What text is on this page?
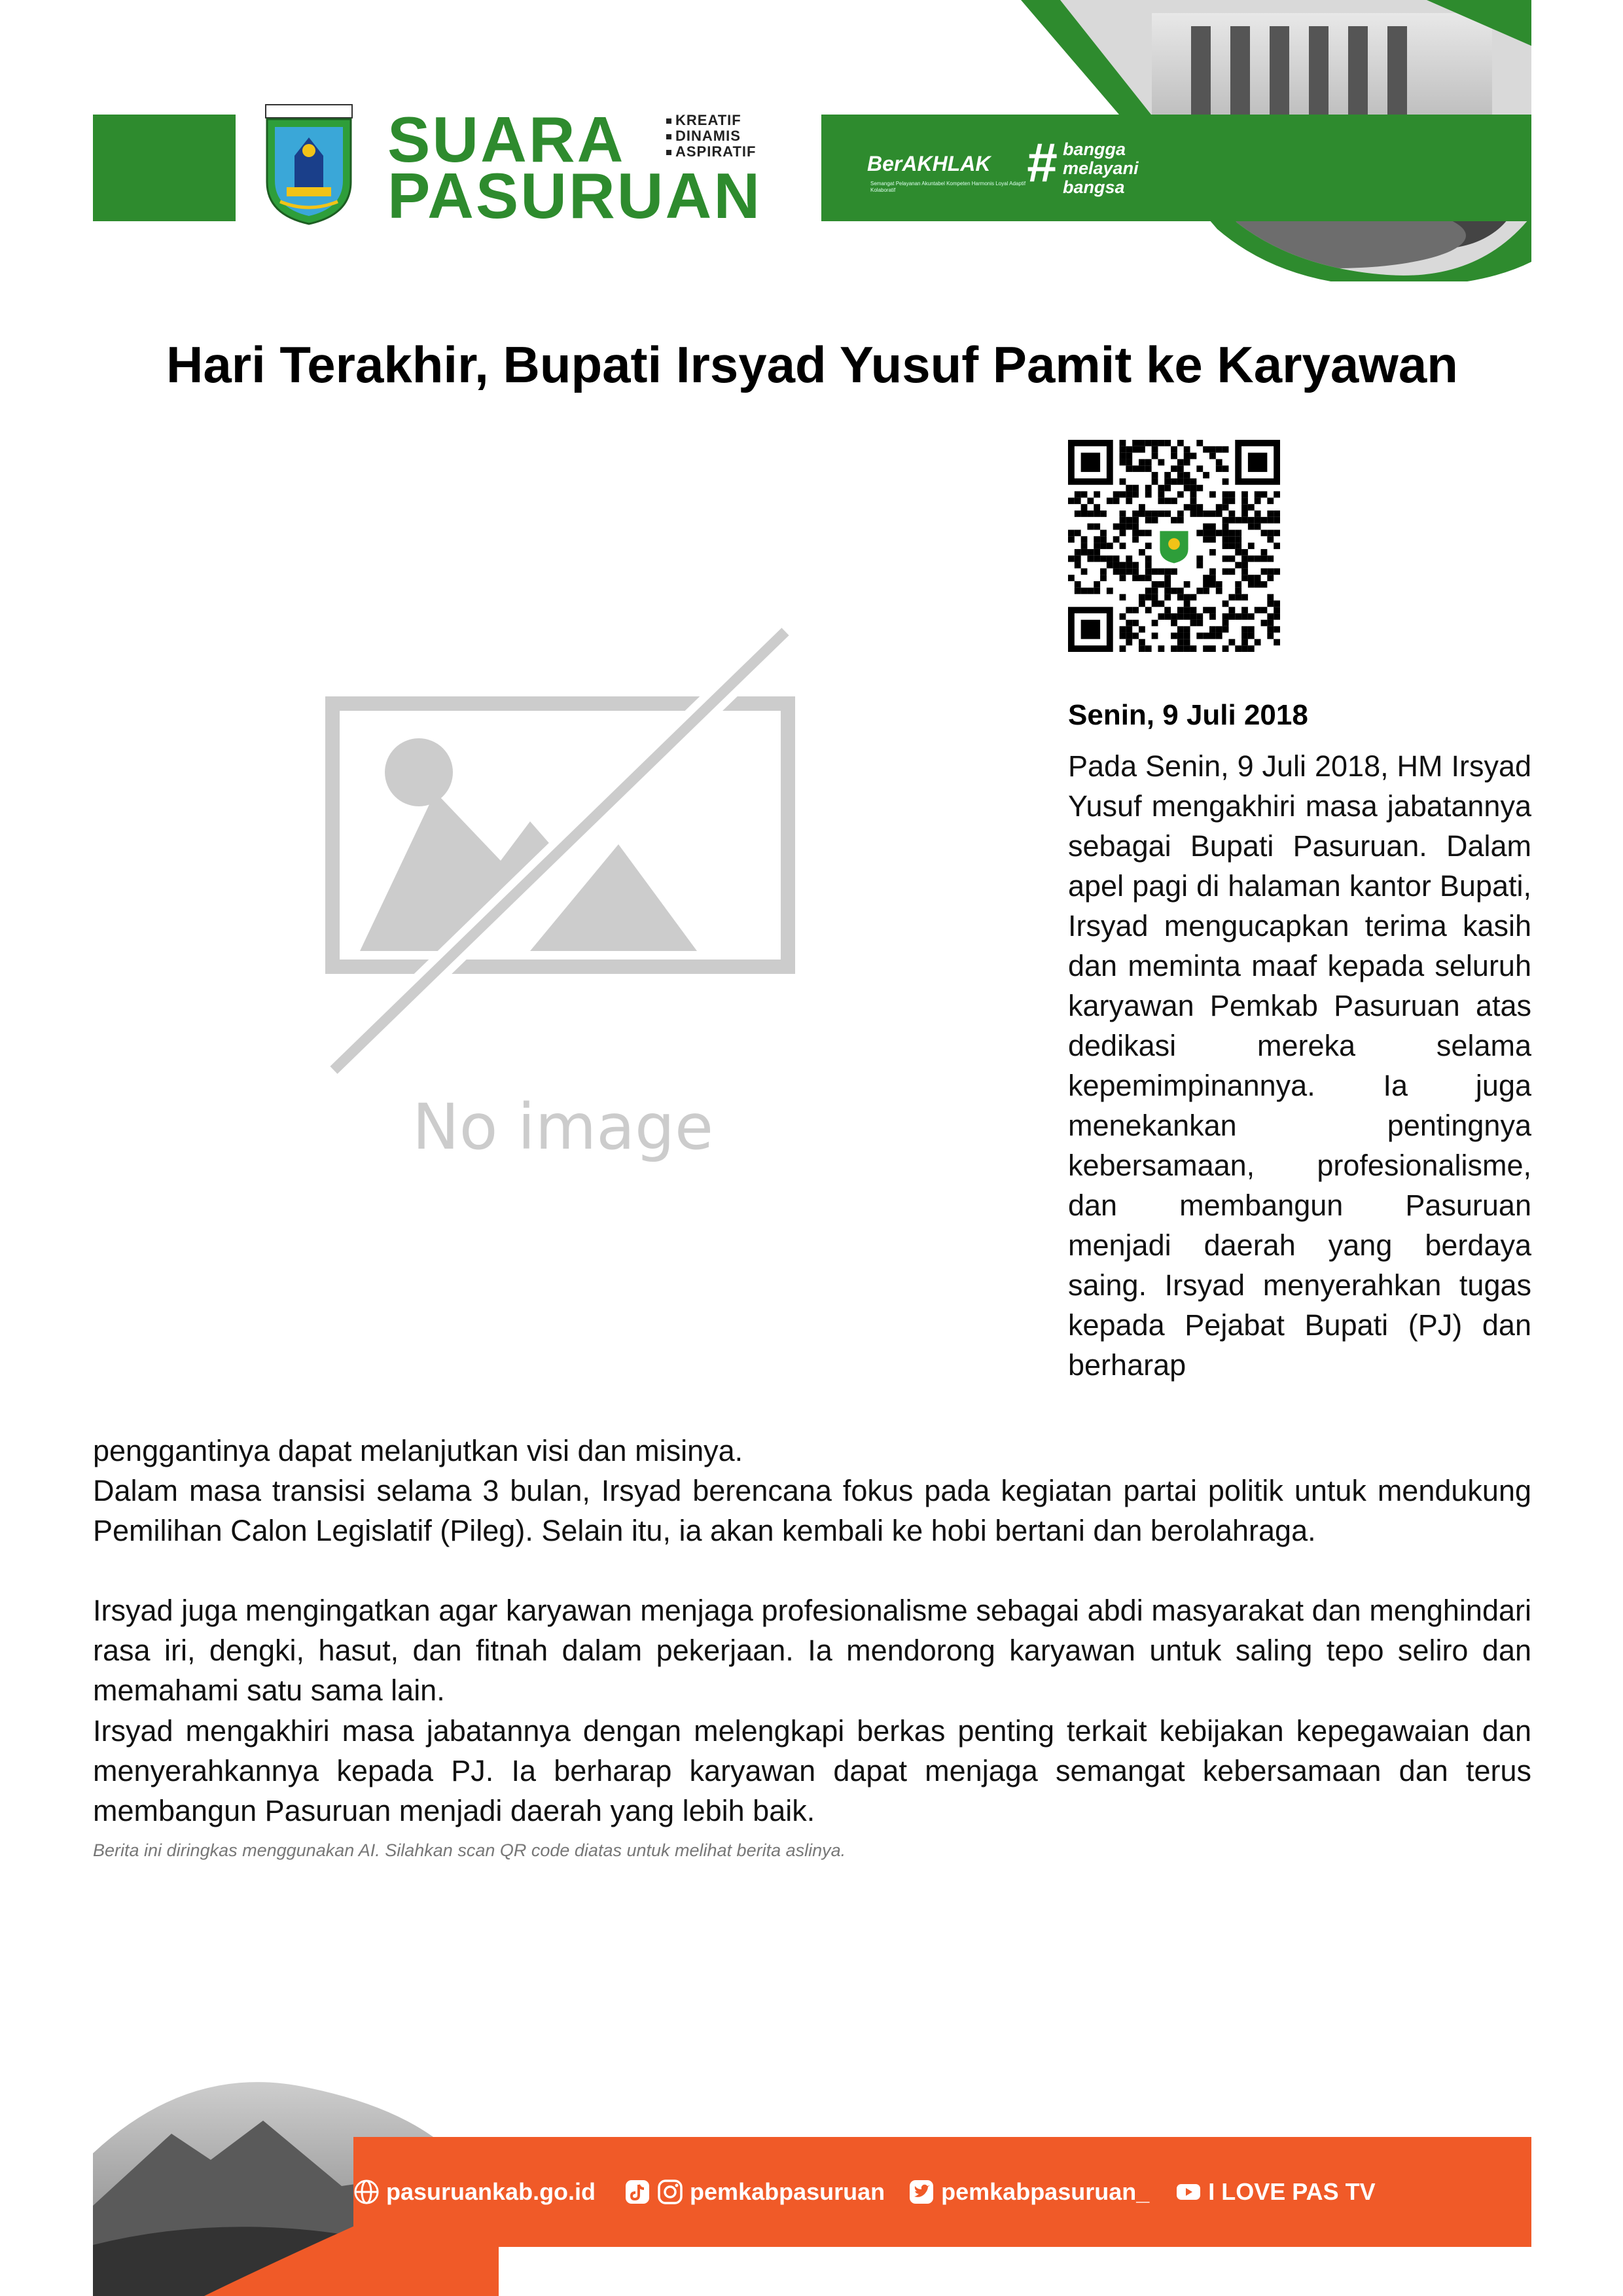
SUARA
PASURUAN
KREATIF
DINAMIS
ASPIRATIF
BerAKHLAK
Semangat Pelayanan Akuntabel Kompeten Harmonis Loyal Adaptif Kolaboratif	# bangga
melayani
bangsa
Hari Terakhir, Bupati Irsyad Yusuf Pamit ke Karyawan
No image
Senin, 9 Juli 2018

Pada Senin, 9 Juli 2018, HM Irsyad Yusuf mengakhiri masa jabatannya sebagai Bupati Pasuruan. Dalam apel pagi di halaman kantor Bupati, Irsyad mengucapkan terima kasih dan meminta maaf kepada seluruh karyawan Pemkab Pasuruan atas dedikasi mereka selama kepemimpinannya. Ia juga menekankan pentingnya kebersamaan, profesionalisme, dan membangun Pasuruan menjadi daerah yang berdaya saing. Irsyad menyerahkan tugas kepada Pejabat Bupati (PJ) dan berharap

penggantinya dapat melanjutkan visi dan misinya.

Dalam masa transisi selama 3 bulan, Irsyad berencana fokus pada kegiatan partai politik untuk mendukung Pemilihan Calon Legislatif (Pileg). Selain itu, ia akan kembali ke hobi bertani dan berolahraga.

Irsyad juga mengingatkan agar karyawan menjaga profesionalisme sebagai abdi masyarakat dan menghindari rasa iri, dengki, hasut, dan fitnah dalam pekerjaan. Ia mendorong karyawan untuk saling tepo seliro dan memahami satu sama lain.

Irsyad mengakhiri masa jabatannya dengan melengkapi berkas penting terkait kebijakan kepegawaian dan menyerahkannya kepada PJ. Ia berharap karyawan dapat menjaga semangat kebersamaan dan terus membangun Pasuruan menjadi daerah yang lebih baik.

Berita ini diringkas menggunakan AI. Silahkan scan QR code diatas untuk melihat berita aslinya.
pasuruankab.go.id	pemkabpasuruan pemkabpasuruan_	I LOVE PAS TV
